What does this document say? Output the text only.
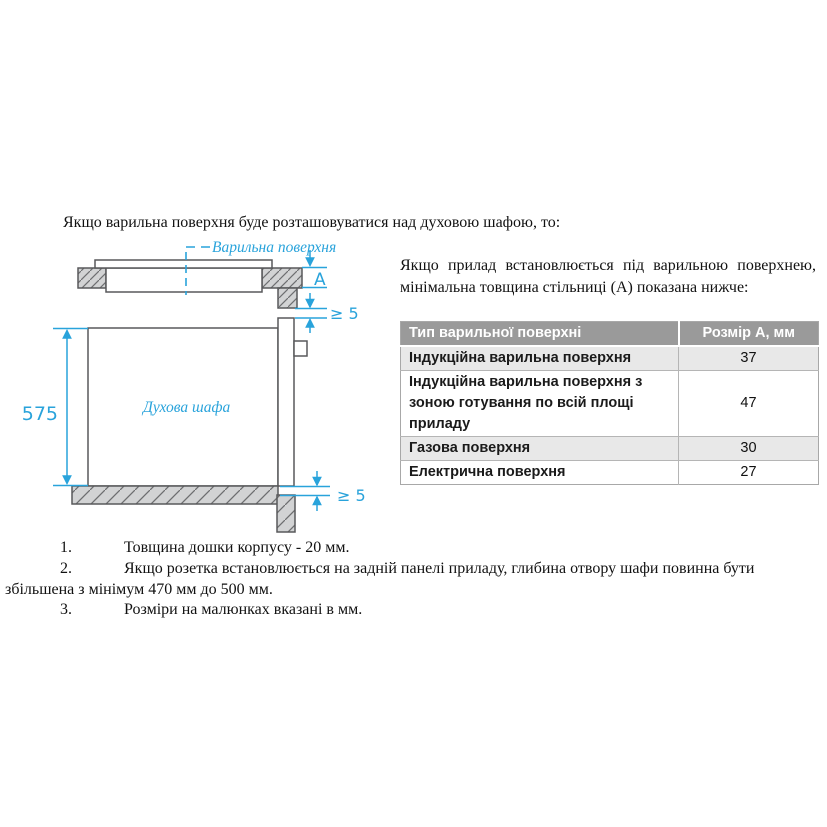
Якщо варильна поверхня буде розташовуватися над духовою шафою, то:
Варильна поверхня
Духова шафа
A
≥ 5
575
≥ 5
Якщо прилад встановлюється під варильною поверхнею, мінімальна товщина стільниці (А) показана нижче:
Тип варильної поверхні	Розмір А, мм
Індукційна варильна поверхня	37
Індукційна варильна поверхня з зоною готування по всій площі приладу	47
Газова поверхня	30
Електрична поверхня	27
1.	Товщина дошки корпусу - 20 мм.
2.	Якщо розетка встановлюється на задній панелі приладу, глибина отвору шафи повинна бути
збільшена з мінімум 470 мм до 500 мм.
3.	Розміри на малюнках вказані в мм.
